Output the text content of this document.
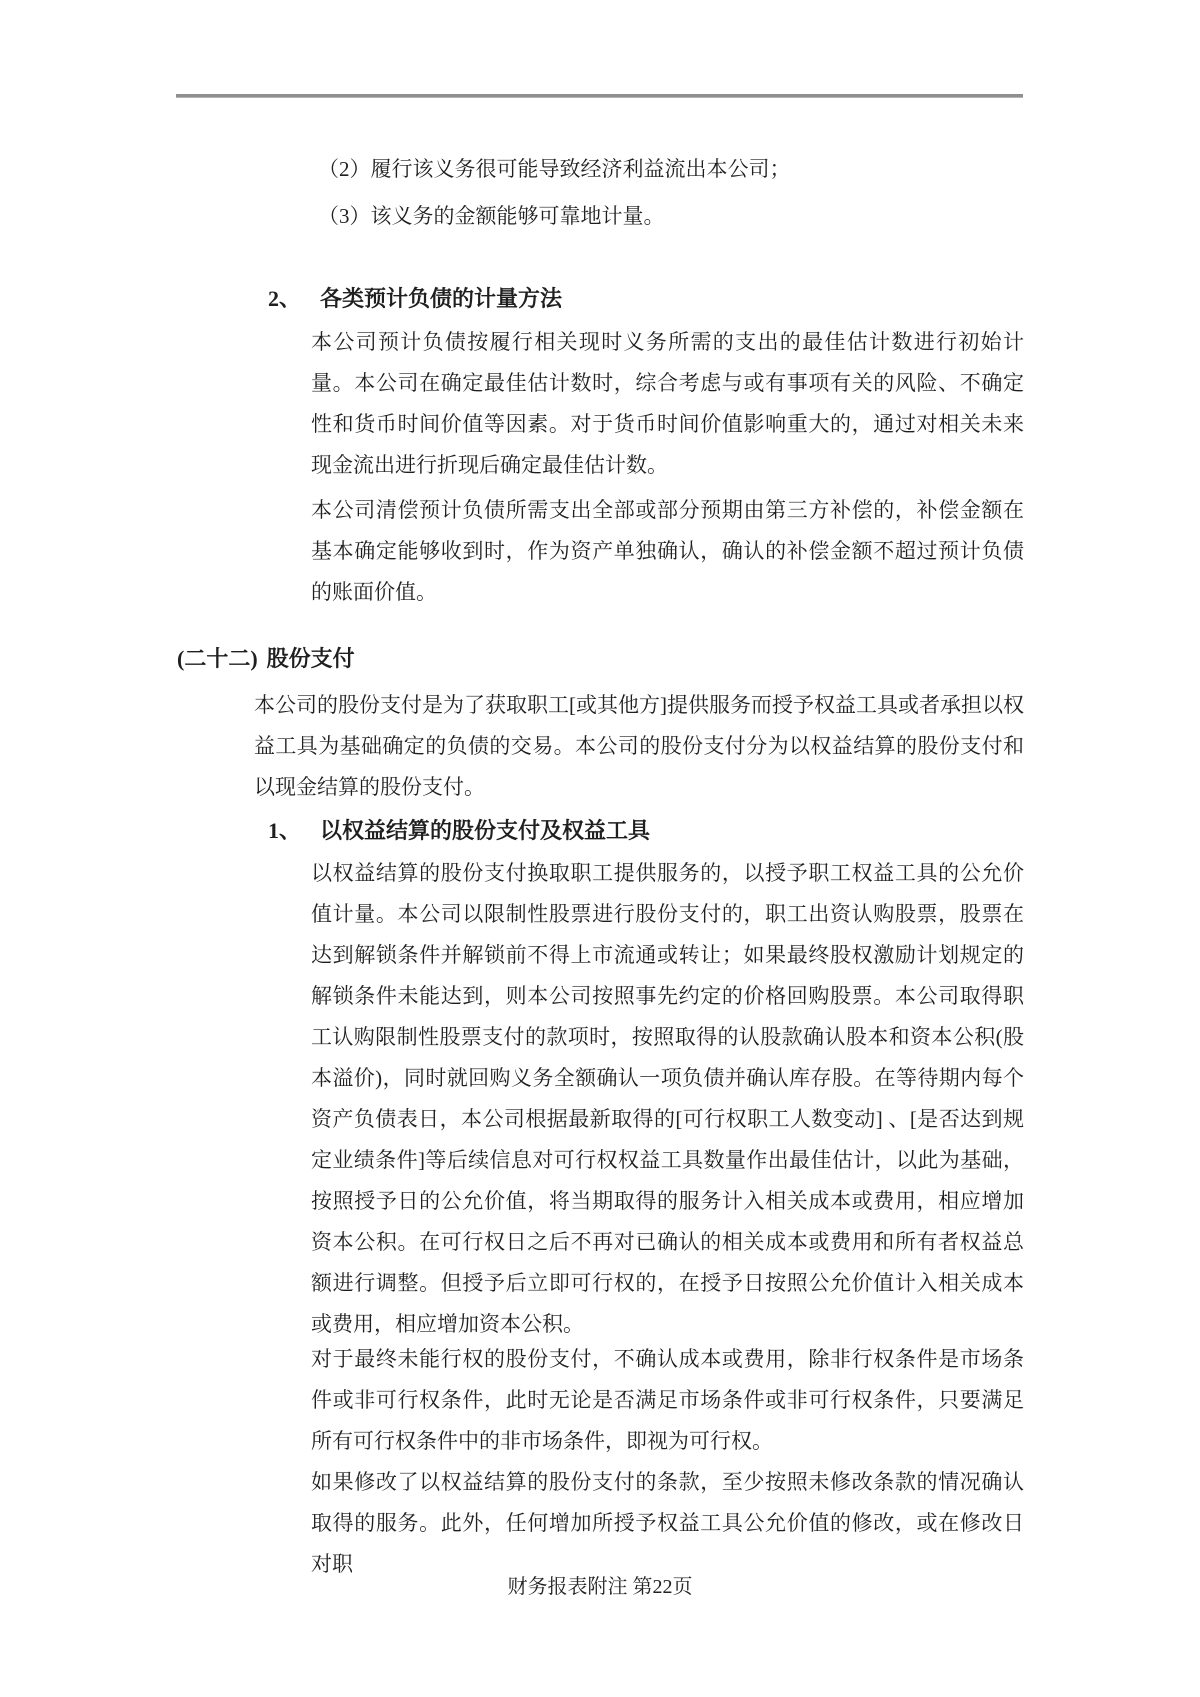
（2）履行该义务很可能导致经济利益流出本公司；
（3）该义务的金额能够可靠地计量。
2、 各类预计负债的计量方法
本公司预计负债按履行相关现时义务所需的支出的最佳估计数进行初始计量。本公司在确定最佳估计数时，综合考虑与或有事项有关的风险、不确定性和货币时间价值等因素。对于货币时间价值影响重大的，通过对相关未来现金流出进行折现后确定最佳估计数。
本公司清偿预计负债所需支出全部或部分预期由第三方补偿的，补偿金额在基本确定能够收到时，作为资产单独确认，确认的补偿金额不超过预计负债的账面价值。
(二十二) 股份支付
本公司的股份支付是为了获取职工[或其他方]提供服务而授予权益工具或者承担以权益工具为基础确定的负债的交易。本公司的股份支付分为以权益结算的股份支付和以现金结算的股份支付。
1、 以权益结算的股份支付及权益工具
以权益结算的股份支付换取职工提供服务的，以授予职工权益工具的公允价值计量。本公司以限制性股票进行股份支付的，职工出资认购股票，股票在达到解锁条件并解锁前不得上市流通或转让；如果最终股权激励计划规定的解锁条件未能达到，则本公司按照事先约定的价格回购股票。本公司取得职工认购限制性股票支付的款项时，按照取得的认股款确认股本和资本公积(股本溢价)，同时就回购义务全额确认一项负债并确认库存股。在等待期内每个资产负债表日，本公司根据最新取得的[可行权职工人数变动] 、[是否达到规定业绩条件]等后续信息对可行权权益工具数量作出最佳估计，以此为基础，按照授予日的公允价值，将当期取得的服务计入相关成本或费用，相应增加资本公积。在可行权日之后不再对已确认的相关成本或费用和所有者权益总额进行调整。但授予后立即可行权的，在授予日按照公允价值计入相关成本或费用，相应增加资本公积。
对于最终未能行权的股份支付，不确认成本或费用，除非行权条件是市场条件或非可行权条件，此时无论是否满足市场条件或非可行权条件，只要满足所有可行权条件中的非市场条件，即视为可行权。
如果修改了以权益结算的股份支付的条款，至少按照未修改条款的情况确认取得的服务。此外，任何增加所授予权益工具公允价值的修改，或在修改日对职
财务报表附注 第22页
